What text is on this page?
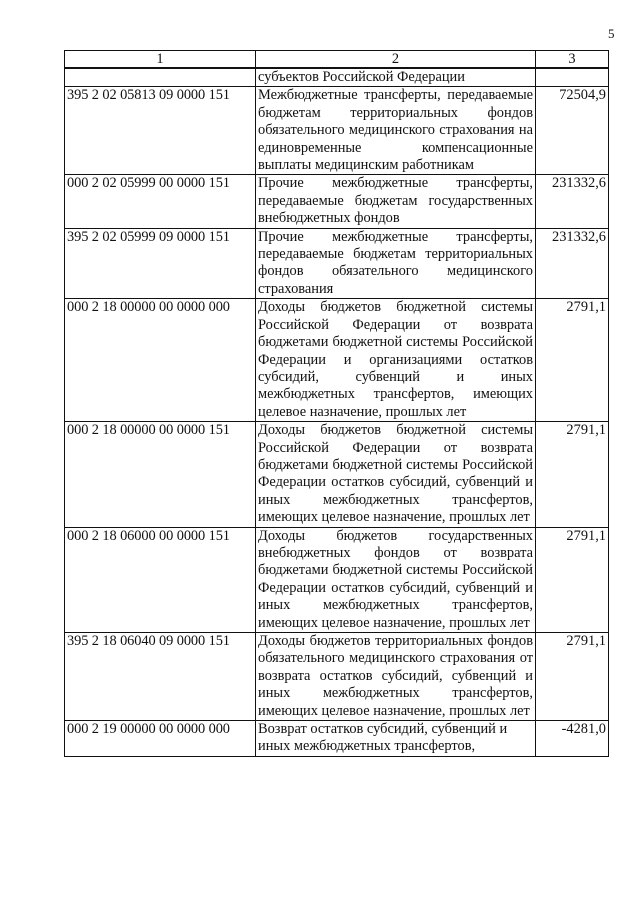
5
1	2	3
	субъектов Российской Федерации	
395 2 02 05813 09 0000 151	Межбюджетные трансферты, передаваемые бюджетам территориальных фондов обязательного медицинского страхования на единовременные компенсационные выплаты медицинским работникам	72504,9
000 2 02 05999 00 0000 151	Прочие межбюджетные трансферты, передаваемые бюджетам государственных внебюджетных фондов	231332,6
395 2 02 05999 09 0000 151	Прочие межбюджетные трансферты, передаваемые бюджетам территориальных фондов обязательного медицинского страхования	231332,6
000 2 18 00000 00 0000 000	Доходы бюджетов бюджетной системы Российской Федерации от возврата бюджетами бюджетной системы Российской Федерации и организациями остатков субсидий, субвенций и иных межбюджетных трансфертов, имеющих целевое назначение, прошлых лет	2791,1
000 2 18 00000 00 0000 151	Доходы бюджетов бюджетной системы Российской Федерации от возврата бюджетами бюджетной системы Российской Федерации остатков субсидий, субвенций и иных межбюджетных трансфертов, имеющих целевое назначение, прошлых лет	2791,1
000 2 18 06000 00 0000 151	Доходы бюджетов государственных внебюджетных фондов от возврата бюджетами бюджетной системы Российской Федерации остатков субсидий, субвенций и иных межбюджетных трансфертов, имеющих целевое назначение, прошлых лет	2791,1
395 2 18 06040 09 0000 151	Доходы бюджетов территориальных фондов обязательного медицинского страхования от возврата остатков субсидий, субвенций и иных межбюджетных трансфертов, имеющих целевое назначение, прошлых лет	2791,1
000 2 19 00000 00 0000 000	Возврат остатков субсидий, субвенций и иных межбюджетных трансфертов,	-4281,0
